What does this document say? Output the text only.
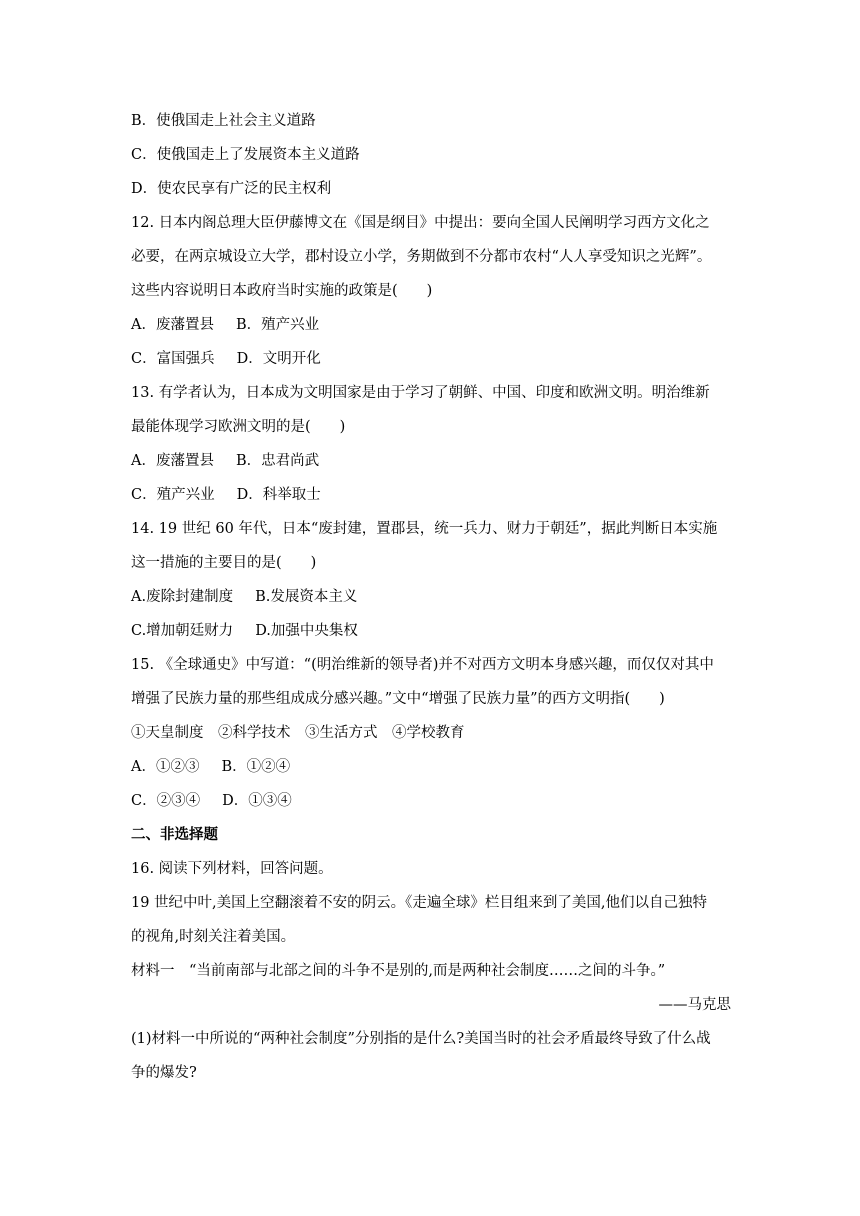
B．使俄国走上社会主义道路
C．使俄国走上了发展资本主义道路
D．使农民享有广泛的民主权利
12. 日本内阁总理大臣伊藤博文在《国是纲目》中提出：要向全国人民阐明学习西方文化之
必要，在两京城设立大学，郡村设立小学，务期做到不分都市农村“人人享受知识之光辉”。
这些内容说明日本政府当时实施的政策是(　　)
A．废藩置县 B．殖产兴业
C．富国强兵 D．文明开化
13. 有学者认为，日本成为文明国家是由于学习了朝鲜、中国、印度和欧洲文明。明治维新
最能体现学习欧洲文明的是(　　)
A．废藩置县 B．忠君尚武
C．殖产兴业 D．科举取士
14. 19 世纪 60 年代，日本“废封建，置郡县，统一兵力、财力于朝廷”，据此判断日本实施
这一措施的主要目的是(　　)
A.废除封建制度 B.发展资本主义
C.增加朝廷财力 D.加强中央集权
15. 《全球通史》中写道：“(明治维新的领导者)并不对西方文明本身感兴趣，而仅仅对其中
增强了民族力量的那些组成成分感兴趣。”文中“增强了民族力量”的西方文明指(　　)
①天皇制度　②科学技术　③生活方式　④学校教育
A．①②③ B．①②④
C．②③④ D．①③④
二、非选择题
16. 阅读下列材料，回答问题。
19 世纪中叶,美国上空翻滚着不安的阴云。《走遍全球》栏目组来到了美国,他们以自己独特
的视角,时刻关注着美国。
材料一　“当前南部与北部之间的斗争不是别的,而是两种社会制度……之间的斗争。”
——马克思
(1)材料一中所说的“两种社会制度”分别指的是什么?美国当时的社会矛盾最终导致了什么战
争的爆发?
